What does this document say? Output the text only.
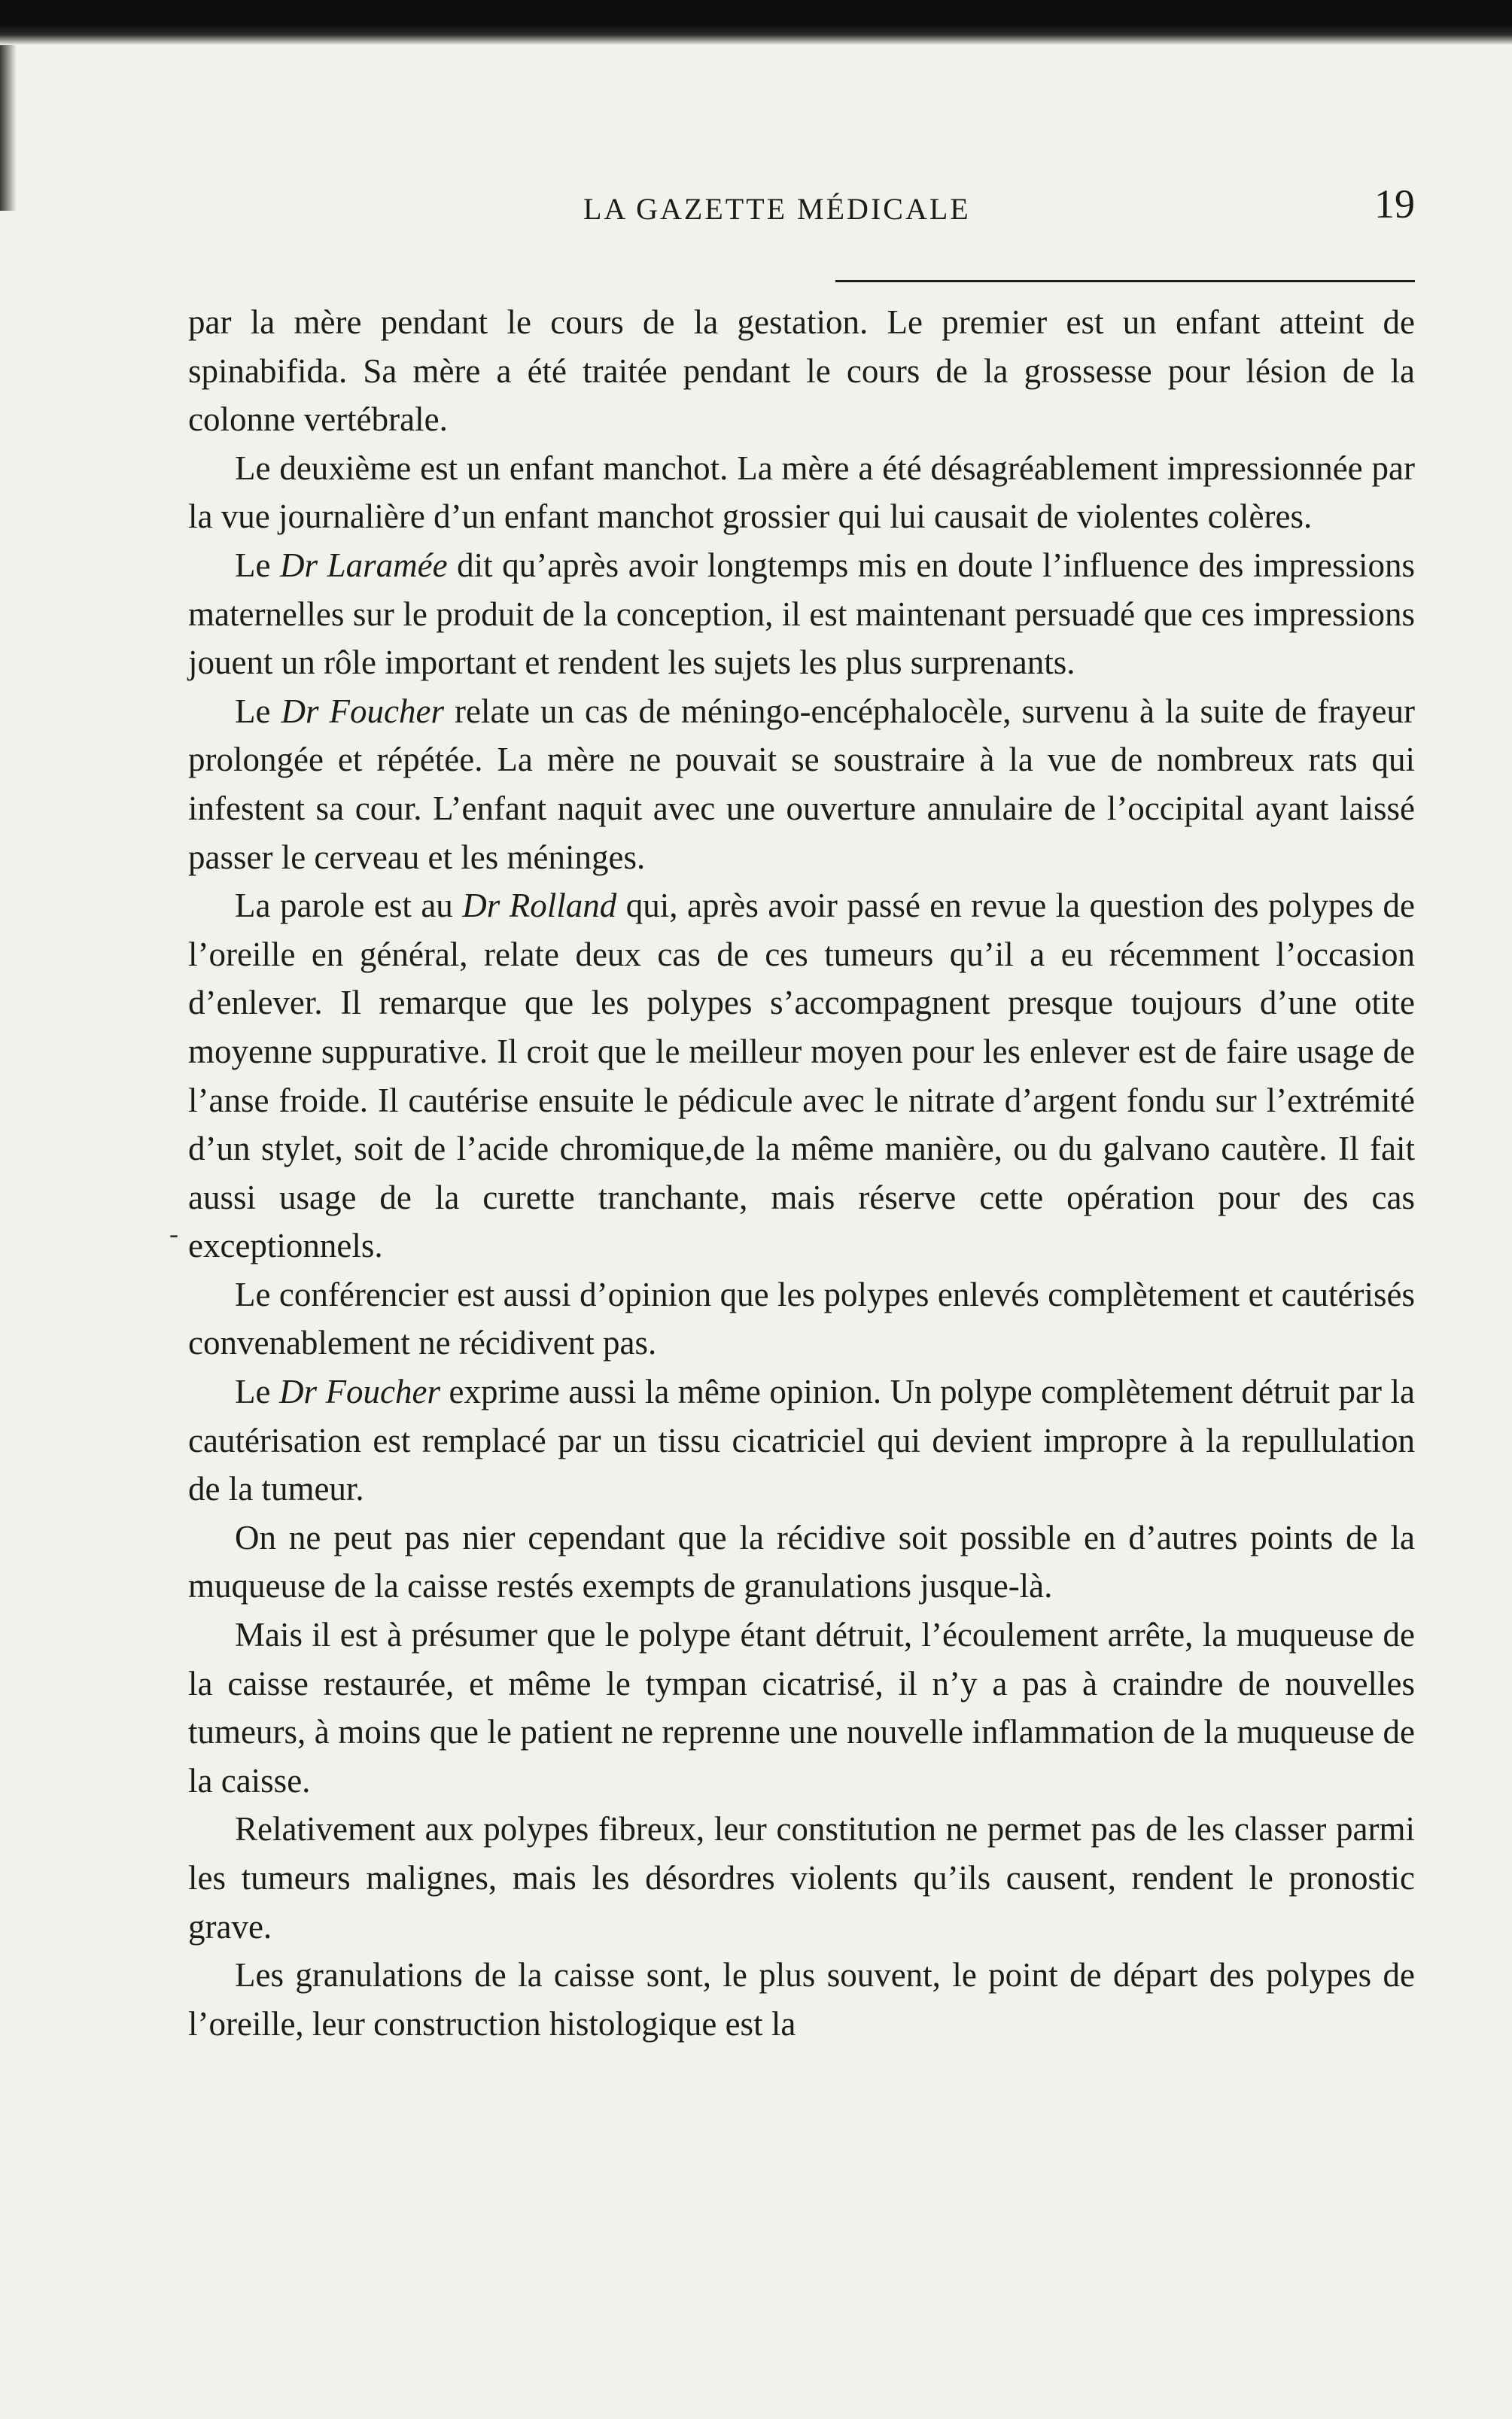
LA GAZETTE MÉDICALE	19

par la mère pendant le cours de la gestation. Le premier est un enfant atteint de spinabifida. Sa mère a été traitée pendant le cours de la grossesse pour lésion de la colonne vertébrale.

Le deuxième est un enfant manchot. La mère a été désagréablement impressionnée par la vue journalière d’un enfant manchot grossier qui lui causait de violentes colères.

Le Dr Laramée dit qu’après avoir longtemps mis en doute l’influence des impressions maternelles sur le produit de la conception, il est maintenant persuadé que ces impressions jouent un rôle important et rendent les sujets les plus surprenants.

Le Dr Foucher relate un cas de méningo-encéphalocèle, survenu à la suite de frayeur prolongée et répétée. La mère ne pouvait se soustraire à la vue de nombreux rats qui infestent sa cour. L’enfant naquit avec une ouverture annulaire de l’occipital ayant laissé passer le cerveau et les méninges.

La parole est au Dr Rolland qui, après avoir passé en revue la question des polypes de l’oreille en général, relate deux cas de ces tumeurs qu’il a eu récemment l’occasion d’enlever. Il remarque que les polypes s’accompagnent presque toujours d’une otite moyenne suppurative. Il croit que le meilleur moyen pour les enlever est de faire usage de l’anse froide. Il cautérise ensuite le pédicule avec le nitrate d’argent fondu sur l’extrémité d’un stylet, soit de l’acide chromique,de la même manière, ou du galvano cautère. Il fait aussi usage de la curette tranchante, mais réserve cette opération pour des cas exceptionnels.

Le conférencier est aussi d’opinion que les polypes enlevés complètement et cautérisés convenablement ne récidivent pas.

Le Dr Foucher exprime aussi la même opinion. Un polype complètement détruit par la cautérisation est remplacé par un tissu cicatriciel qui devient impropre à la repullulation de la tumeur.

On ne peut pas nier cependant que la récidive soit possible en d’autres points de la muqueuse de la caisse restés exempts de granulations jusque-là.

Mais il est à présumer que le polype étant détruit, l’écoulement arrête, la muqueuse de la caisse restaurée, et même le tympan cicatrisé, il n’y a pas à craindre de nouvelles tumeurs, à moins que le patient ne reprenne une nouvelle inflammation de la muqueuse de la caisse.

Relativement aux polypes fibreux, leur constitution ne permet pas de les classer parmi les tumeurs malignes, mais les désordres violents qu’ils causent, rendent le pronostic grave.

Les granulations de la caisse sont, le plus souvent, le point de départ des polypes de l’oreille, leur construction histologique est la

-
